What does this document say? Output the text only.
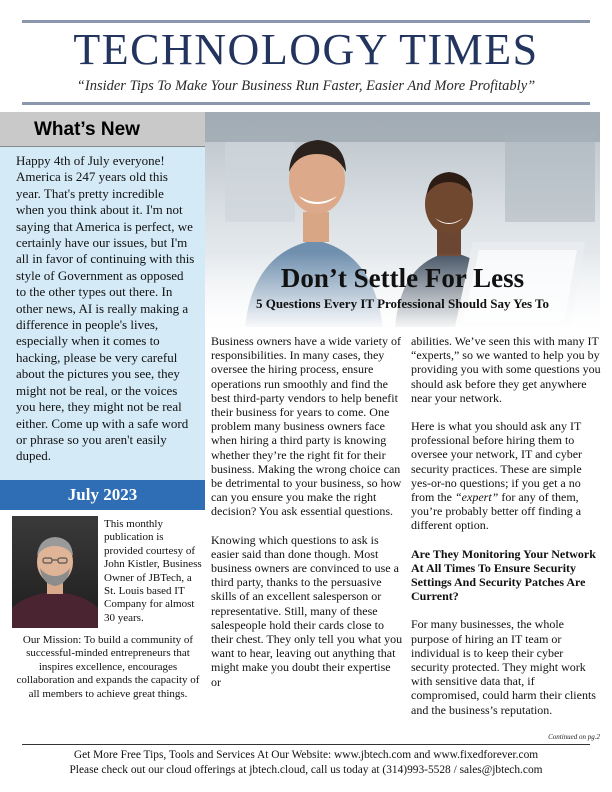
TECHNOLOGY TIMES
“Insider Tips To Make Your Business Run Faster, Easier And More Profitably”
What’s New
Happy 4th of July everyone! America is 247 years old this year. That's pretty incredible when you think about it. I'm not saying that America is perfect, we certainly have our issues, but I'm all in favor of continuing with this style of Government as opposed to the other types out there. In other news, AI is really making a difference in people's lives, especially when it comes to hacking, please be very careful about the pictures you see, they might not be real, or the voices you here, they might not be real either. Come up with a safe word or phrase so you aren't easily duped.
July 2023
This monthly publication is provided courtesy of John Kistler, Business Owner of JBTech, a St. Louis based IT Company for almost 30 years.
Our Mission: To build a community of successful-minded entrepreneurs that inspires excellence, encourages collaboration and expands the capacity of all members to achieve great things.
Don’t Settle For Less
5 Questions Every IT Professional Should Say Yes To

Business owners have a wide variety of responsibilities. In many cases, they oversee the hiring process, ensure operations run smoothly and find the best third-party vendors to help benefit their business for years to come. One problem many business owners face when hiring a third party is knowing whether they’re the right fit for their business. Making the wrong choice can be detrimental to your business, so how can you ensure you make the right decision? You ask essential questions.

Knowing which questions to ask is easier said than done though. Most business owners are convinced to use a third party, thanks to the persuasive skills of an excellent salesperson or representative. Still, many of these salespeople hold their cards close to their chest. They only tell you what you want to hear, leaving out anything that might make you doubt their expertise or

abilities. We’ve seen this with many IT “experts,” so we wanted to help you by providing you with some questions you should ask before they get anywhere near your network.

Here is what you should ask any IT professional before hiring them to oversee your network, IT and cyber security practices. These are simple yes-or-no questions; if you get a no from the “expert” for any of them, you’re probably better off finding a different option.

Are They Monitoring Your Network At All Times To Ensure Security Settings And Security Patches Are Current?

For many businesses, the whole purpose of hiring an IT team or individual is to keep their cyber security protected. They might work with sensitive data that, if compromised, could harm their clients and the business’s reputation.

Continued on pg.2
Get More Free Tips, Tools and Services At Our Website: www.jbtech.com and www.fixedforever.com
Please check out our cloud offerings at jbtech.cloud, call us today at (314)993-5528 / sales@jbtech.com
